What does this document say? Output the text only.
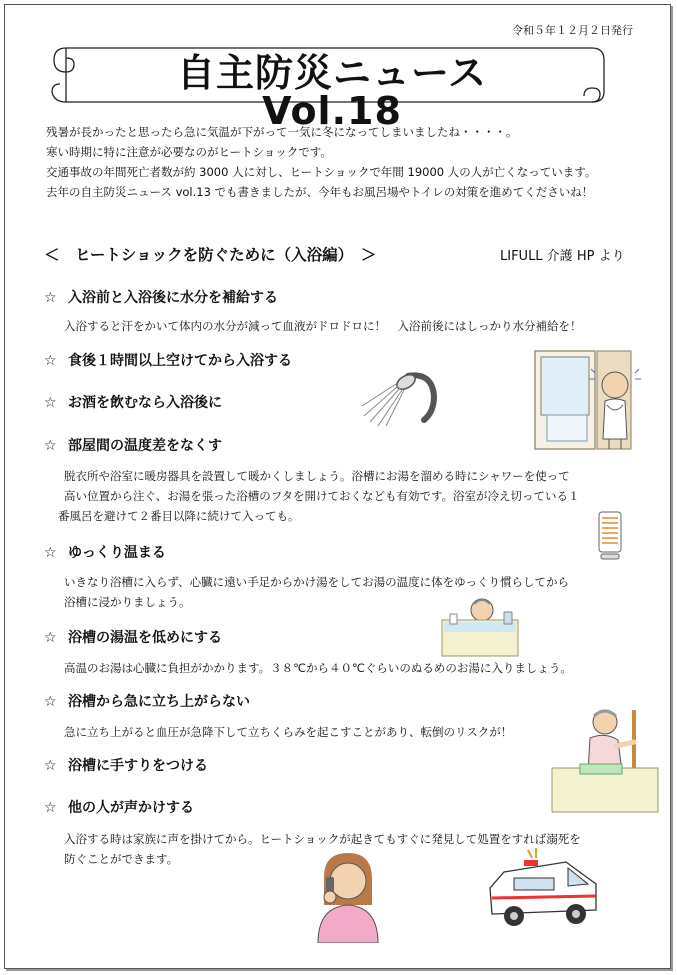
令和５年１２月２日発行
自主防災ニュース　Vol.18
残暑が長かったと思ったら急に気温が下がって一気に冬になってしまいましたね・・・・。
寒い時期に特に注意が必要なのがヒートショックです。
交通事故の年間死亡者数が約 3000 人に対し、ヒートショックで年間 19000 人の人が亡くなっています。
去年の自主防災ニュース vol.13 でも書きましたが、今年もお風呂場やトイレの対策を進めてくださいね！
＜　ヒートショックを防ぐために（入浴編）　＞	LIFULL 介護 HP より
☆ 入浴前と入浴後に水分を補給する
入浴すると汗をかいて体内の水分が減って血液がドロドロに！　入浴前後にはしっかり水分補給を！
☆ 食後１時間以上空けてから入浴する
☆ お酒を飲むなら入浴後に
☆ 部屋間の温度差をなくす
脱衣所や浴室に暖房器具を設置して暖かくしましょう。浴槽にお湯を溜める時にシャワーを使って
高い位置から注ぐ、お湯を張った浴槽のフタを開けておくなども有効です。浴室が冷え切っている１
番風呂を避けて２番目以降に続けて入っても。
☆ ゆっくり温まる
いきなり浴槽に入らず、心臓に遠い手足からかけ湯をしてお湯の温度に体をゆっくり慣らしてから
浴槽に浸かりましょう。
☆ 浴槽の湯温を低めにする
高温のお湯は心臓に負担がかかります。３８℃から４０℃ぐらいのぬるめのお湯に入りましょう。
☆ 浴槽から急に立ち上がらない
急に立ち上がると血圧が急降下して立ちくらみを起こすことがあり、転倒のリスクが！
☆ 浴槽に手すりをつける
☆ 他の人が声かけする
入浴する時は家族に声を掛けてから。ヒートショックが起きてもすぐに発見して処置をすれば溺死を
防ぐことができます。
